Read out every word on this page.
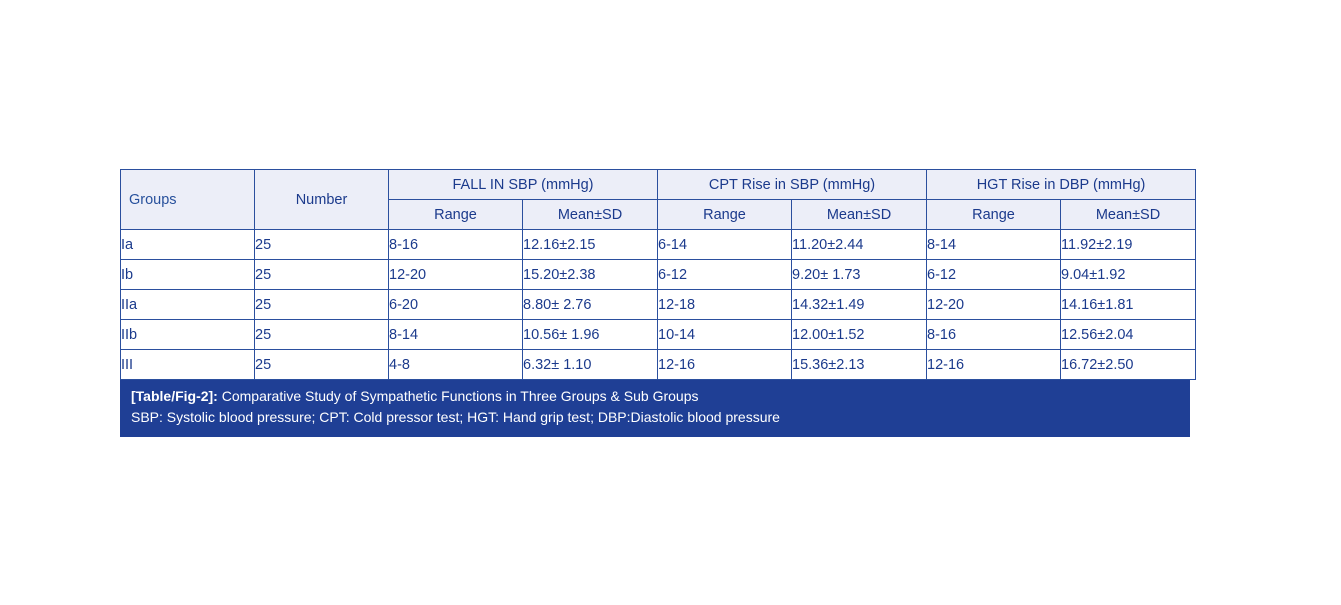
Groups	Number	FALL IN SBP (mmHg)		CPT Rise in SBP (mmHg)		HGT Rise in DBP (mmHg)	
		Range	Mean±SD	Range	Mean±SD	Range	Mean±SD
Ia	25	8-16	12.16±2.15	6-14	11.20±2.44	8-14	11.92±2.19
Ib	25	12-20	15.20±2.38	6-12	9.20± 1.73	6-12	9.04±1.92
IIa	25	6-20	8.80± 2.76	12-18	14.32±1.49	12-20	14.16±1.81
IIb	25	8-14	10.56± 1.96	10-14	12.00±1.52	8-16	12.56±2.04
III	25	4-8	6.32± 1.10	12-16	15.36±2.13	12-16	16.72±2.50
[Table/Fig-2]: Comparative Study of Sympathetic Functions in Three Groups & Sub Groups
SBP: Systolic blood pressure; CPT: Cold pressor test; HGT: Hand grip test; DBP:Diastolic blood pressure
